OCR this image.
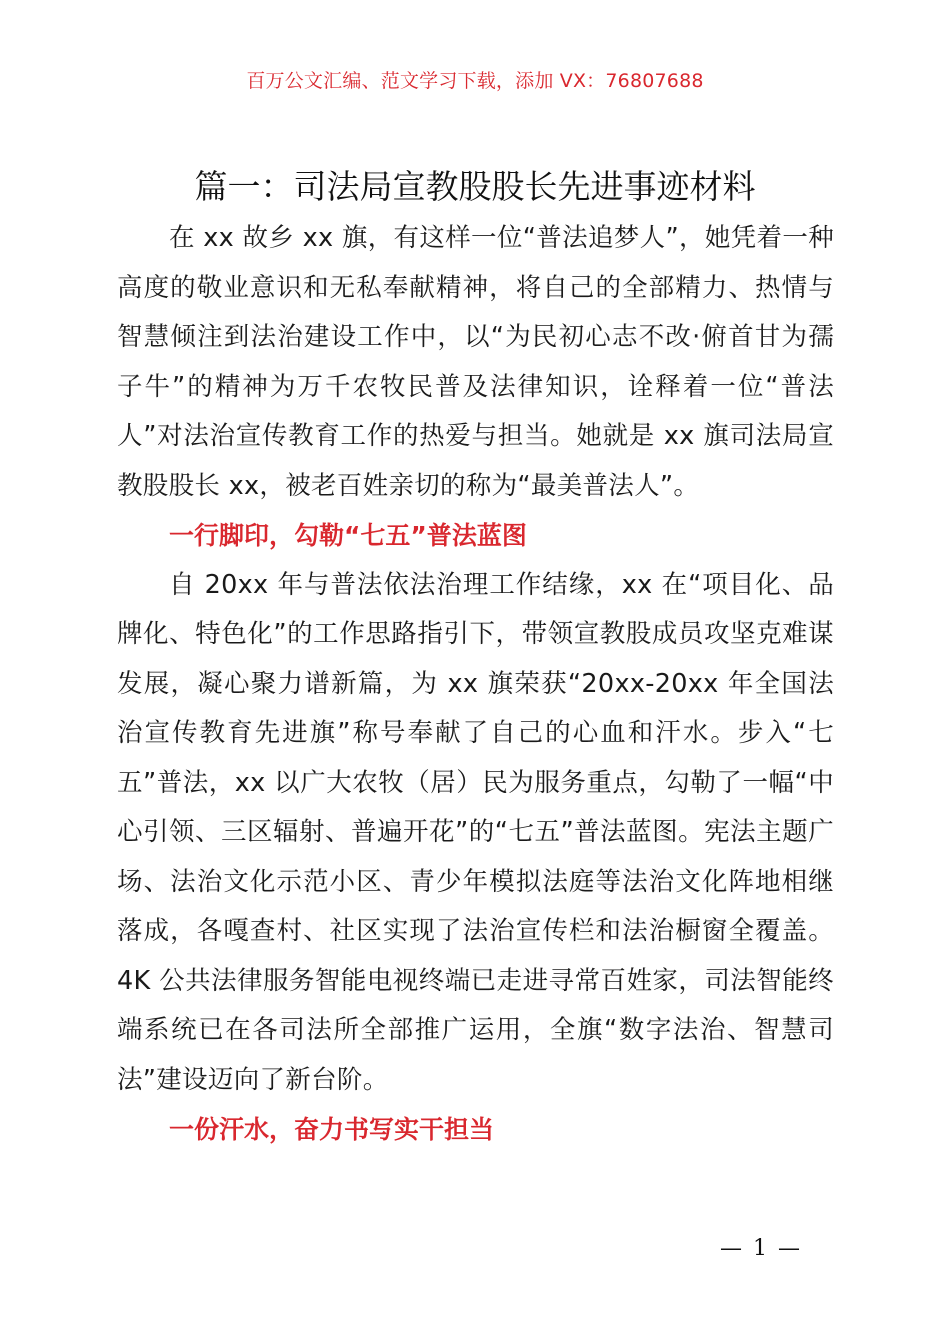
百万公文汇编、范文学习下载，添加 VX：76807688
篇一：司法局宣教股股长先进事迹材料

在 xx 故乡 xx 旗，有这样一位“普法追梦人”，她凭着一种高度的敬业意识和无私奉献精神，将自己的全部精力、热情与智慧倾注到法治建设工作中，以“为民初心志不改·俯首甘为孺子牛”的精神为万千农牧民普及法律知识，诠释着一位“普法人”对法治宣传教育工作的热爱与担当。她就是 xx 旗司法局宣教股股长 xx，被老百姓亲切的称为“最美普法人”。

一行脚印，勾勒“七五”普法蓝图

自 20xx 年与普法依法治理工作结缘，xx 在“项目化、品牌化、特色化”的工作思路指引下，带领宣教股成员攻坚克难谋发展，凝心聚力谱新篇，为 xx 旗荣获“20xx-20xx 年全国法治宣传教育先进旗”称号奉献了自己的心血和汗水。步入“七五”普法，xx 以广大农牧（居）民为服务重点，勾勒了一幅“中心引领、三区辐射、普遍开花”的“七五”普法蓝图。宪法主题广场、法治文化示范小区、青少年模拟法庭等法治文化阵地相继落成，各嘎查村、社区实现了法治宣传栏和法治橱窗全覆盖。4K 公共法律服务智能电视终端已走进寻常百姓家，司法智能终端系统已在各司法所全部推广运用，全旗“数字法治、智慧司法”建设迈向了新台阶。

一份汗水，奋力书写实干担当

— 1 —
